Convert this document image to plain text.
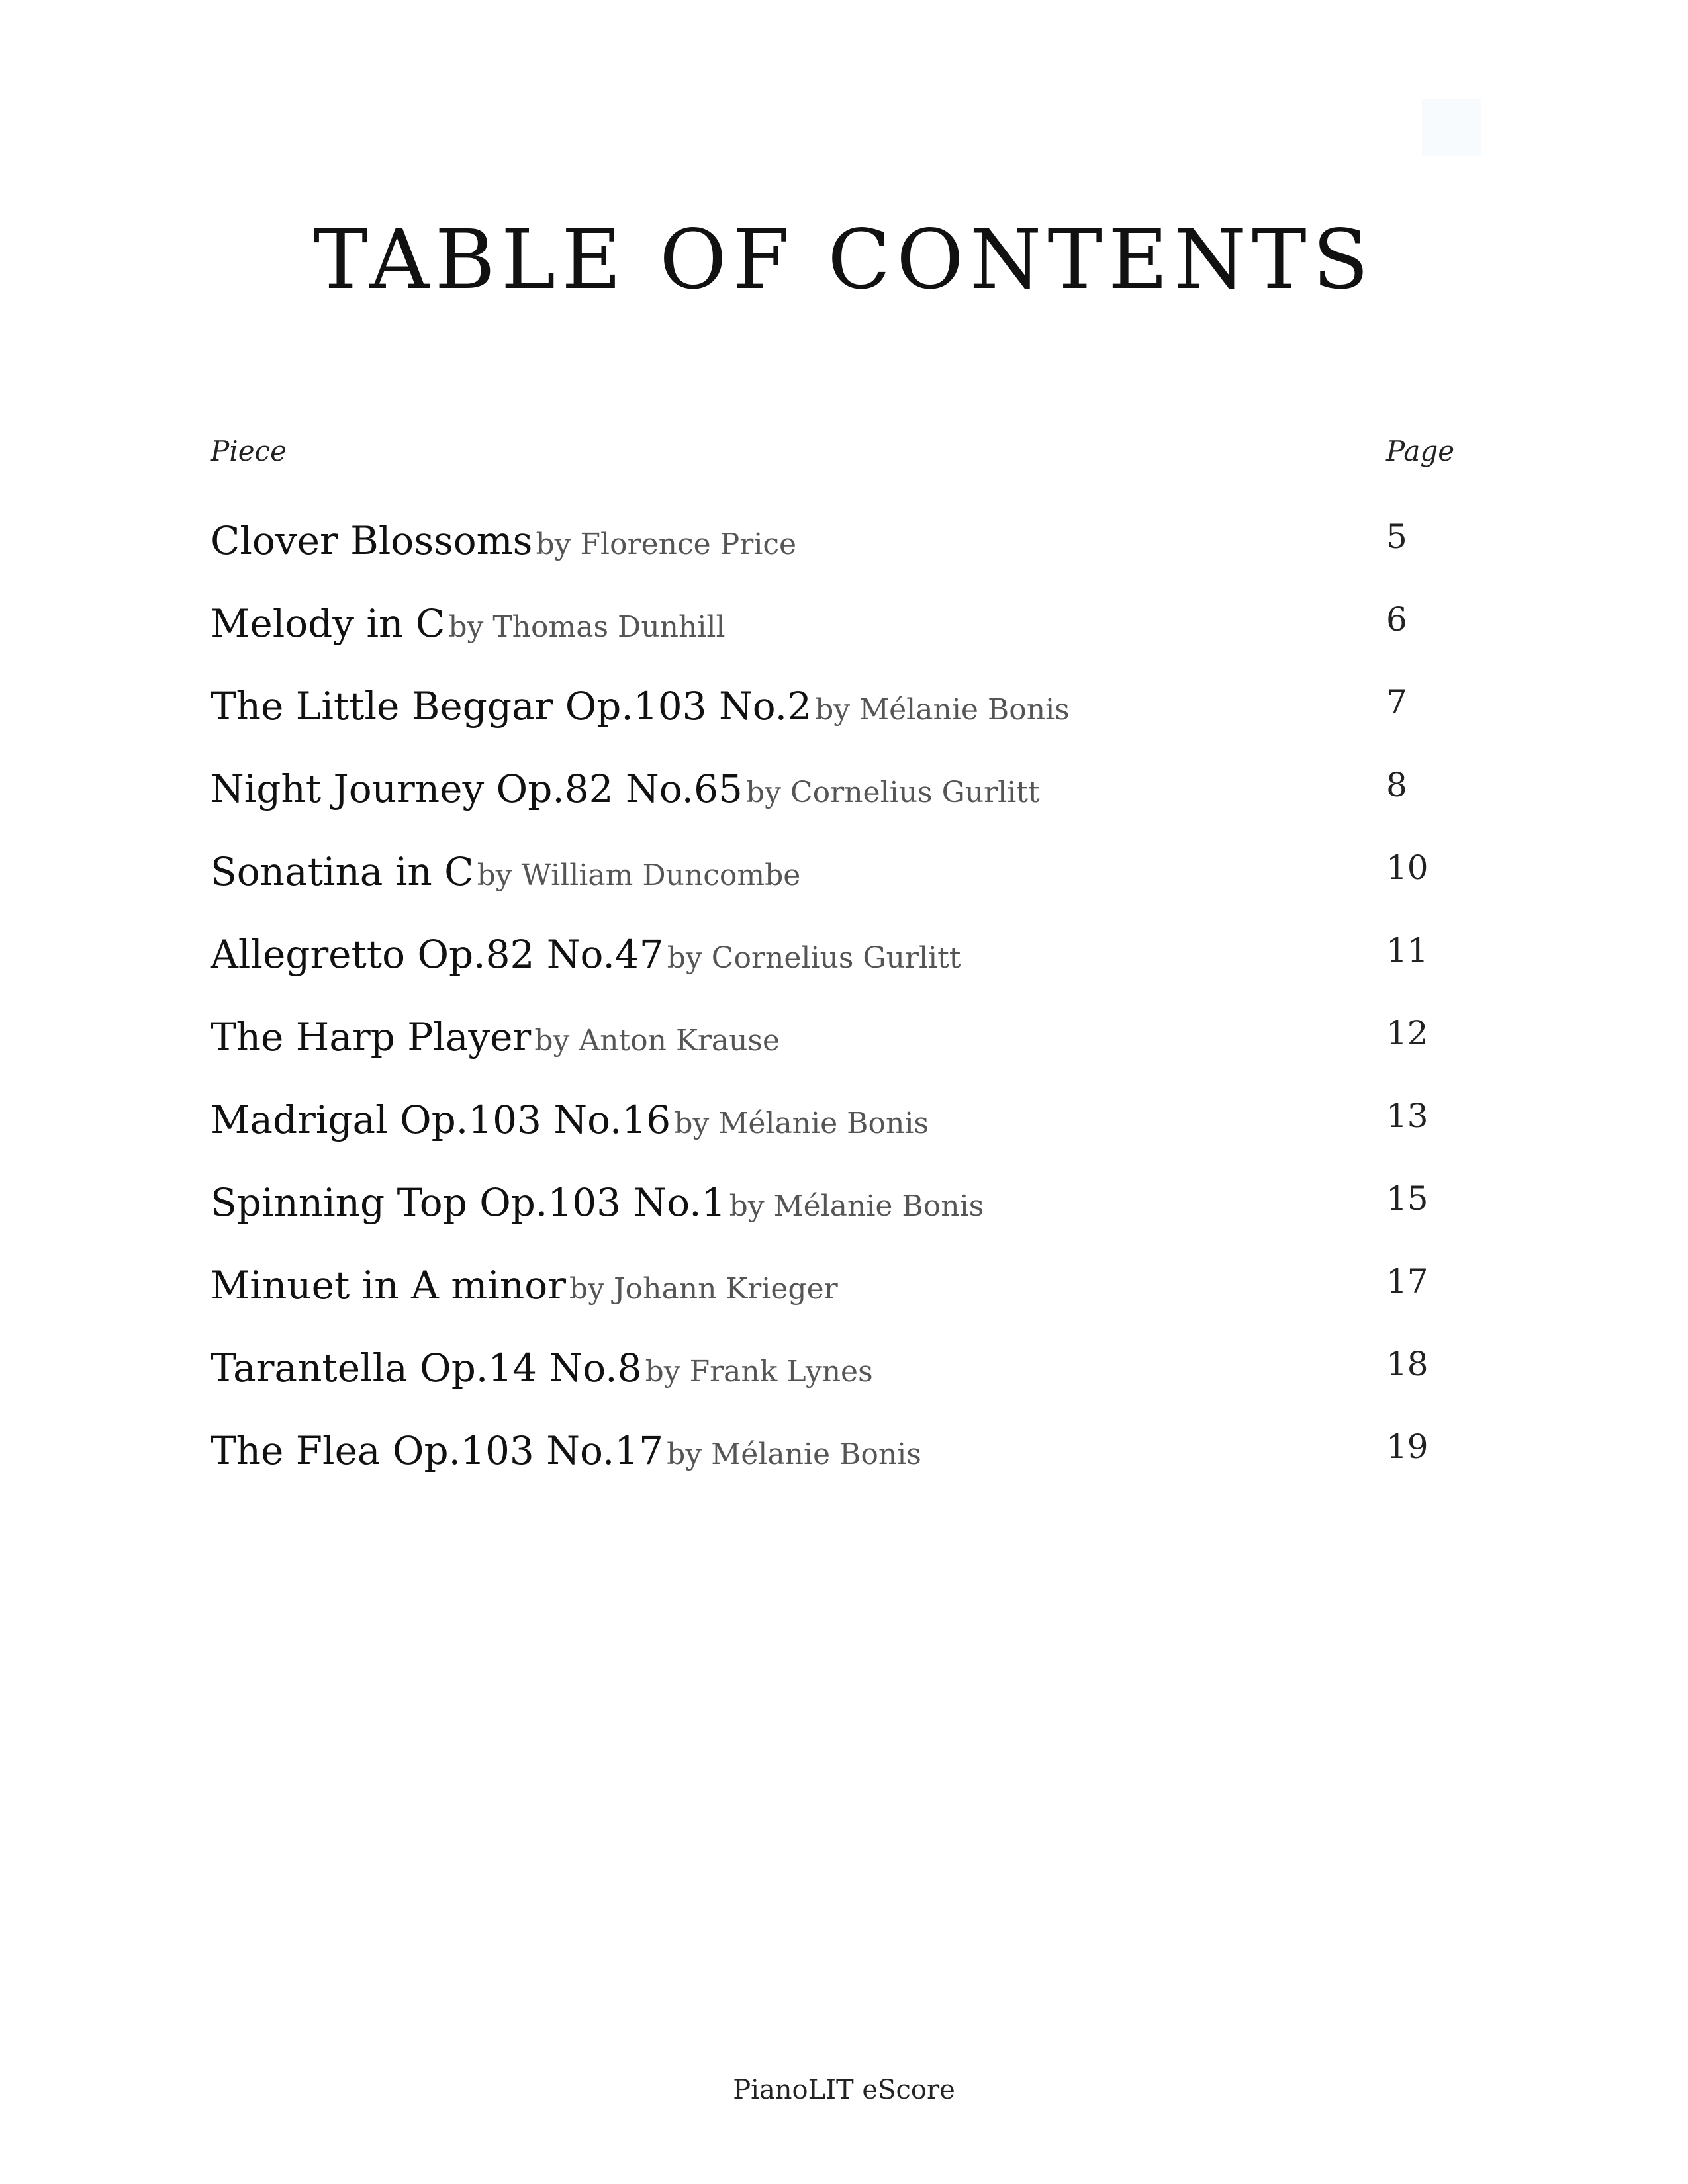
TABLE OF CONTENTS
Piece	Page
Clover Blossoms by Florence Price	5
Melody in C by Thomas Dunhill	6
The Little Beggar Op.103 No.2 by Mélanie Bonis	7
Night Journey Op.82 No.65 by Cornelius Gurlitt	8
Sonatina in C by William Duncombe	10
Allegretto Op.82 No.47 by Cornelius Gurlitt	11
The Harp Player by Anton Krause	12
Madrigal Op.103 No.16 by Mélanie Bonis	13
Spinning Top Op.103 No.1 by Mélanie Bonis	15
Minuet in A minor by Johann Krieger	17
Tarantella Op.14 No.8 by Frank Lynes	18
The Flea Op.103 No.17 by Mélanie Bonis	19
PianoLIT eScore
